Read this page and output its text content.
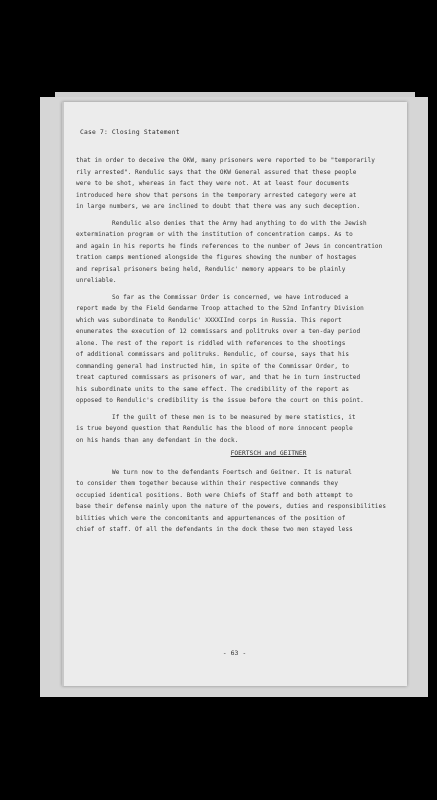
Case 7: Closing Statement
that in order to deceive the OKW, many prisoners were reported to be "temporarily
rily arrested". Rendulic says that the OKW General assured that these people
were to be shot, whereas in fact they were not. At at least four documents
introduced here show that persons in the temporary arrested category were at
in large numbers, we are inclined to doubt that there was any such deception.
Rendulic also denies that the Army had anything to do with the Jewish
extermination program or with the institution of concentration camps. As to
and again in his reports he finds references to the number of Jews in concentration
tration camps mentioned alongside the figures showing the number of hostages
and reprisal prisoners being held, Rendulic' memory appears to be plainly
unreliable.
So far as the Commissar Order is concerned, we have introduced a
report made by the Field Gendarme Troop attached to the 52nd Infantry Division
which was subordinate to Rendulic' XXXXIInd corps in Russia. This report
enumerates the execution of 12 commissars and politruks over a ten-day period
alone. The rest of the report is riddled with references to the shootings
of additional commissars and politruks. Rendulic, of course, says that his
commanding general had instructed him, in spite of the Commissar Order, to
treat captured commissars as prisoners of war, and that he in turn instructed
his subordinate units to the same effect. The credibility of the report as
opposed to Rendulic's credibility is the issue before the court on this point.
If the guilt of these men is to be measured by mere statistics, it
is true beyond question that Rendulic has the blood of more innocent people
on his hands than any defendant in the dock.
FOERTSCH and GEITNER
We turn now to the defendants Foertsch and Geitner. It is natural
to consider them together because within their respective commands they
occupied identical positions. Both were Chiefs of Staff and both attempt to
base their defense mainly upon the nature of the powers, duties and responsibilities
bilities which were the concomitants and appurtenances of the position of
chief of staff. Of all the defendants in the dock these two men stayed less
- 63 -
